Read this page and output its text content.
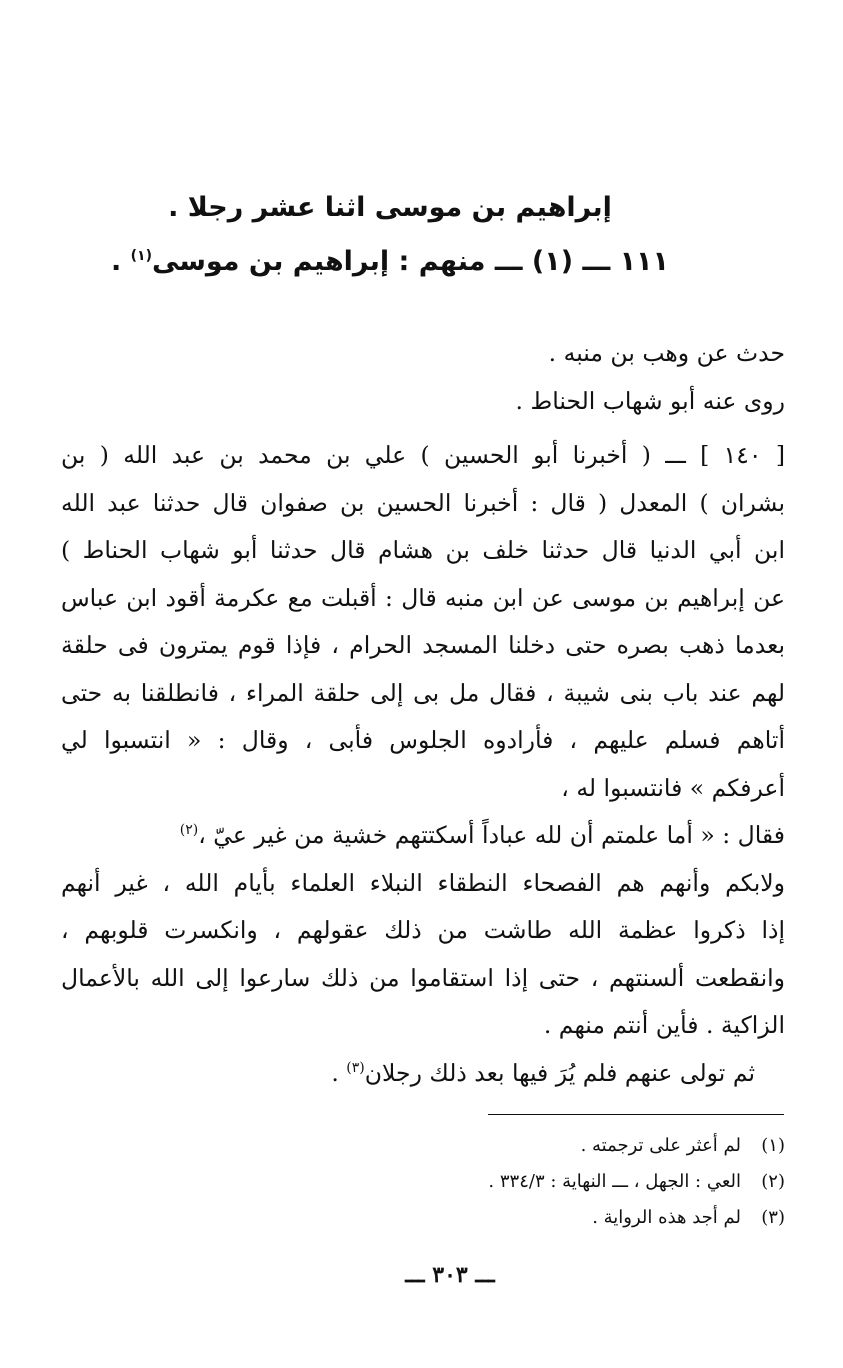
إبراهيم بن موسى اثنا عشر رجلا .
١١١ ـــ (١) ـــ منهم : إبراهيم بن موسى$^{(١)}$ .
حدث عن وهب بن منبه .
روى عنه أبو شهاب الحناط .
[ ١٤٠ ] ـــ ( أخبرنا أبو الحسين ) علي بن محمد بن عبد الله ( بن
بشران ) المعدل ( قال : أخبرنا الحسين بن صفوان قال حدثنا عبد الله
ابن أبي الدنيا قال حدثنا خلف بن هشام قال حدثنا أبو شهاب الحناط )
عن إبراهيم بن موسى عن ابن منبه قال : أقبلت مع عكرمة أقود ابن عباس
بعدما ذهب بصره حتى دخلنا المسجد الحرام ، فإذا قوم يمترون فى حلقة
لهم عند باب بنى شيبة ، فقال مل بى إلى حلقة المراء ، فانطلقنا به حتى
أتاهم فسلم عليهم ، فأرادوه الجلوس فأبى ، وقال : « انتسبوا لي
أعرفكم » فانتسبوا له ،
فقال : « أما علمتم أن لله عباداً أسكتتهم خشية من غير عيّ ،$^{(٢)}$
ولابكم وأنهم هم الفصحاء النطقاء النبلاء العلماء بأيام الله ، غير أنهم
إذا ذكروا عظمة الله طاشت من ذلك عقولهم ، وانكسرت قلوبهم ،
وانقطعت ألسنتهم ، حتى إذا استقاموا من ذلك سارعوا إلى الله بالأعمال
الزاكية . فأين أنتم منهم .
ثم تولى عنهم فلم يُرَ فيها بعد ذلك رجلان$^{(٣)}$ .
(١)لم أعثر على ترجمته .
(٢)العي : الجهل ، ـــ النهاية : ٣٣٤/٣ .
(٣)لم أجد هذه الرواية .
ـــ ٣٠٣ ـــ
